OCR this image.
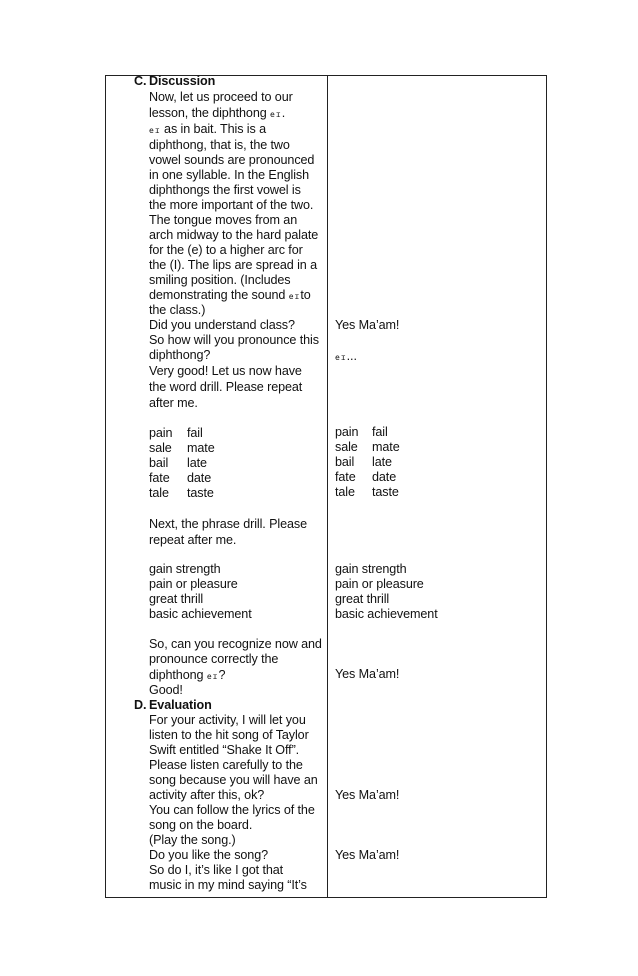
C. Discussion
Now, let us proceed to our
lesson, the diphthong eɪ.
eɪ as in bait. This is a
diphthong, that is, the two
vowel sounds are pronounced
in one syllable. In the English
diphthongs the first vowel is
the more important of the two.
The tongue moves from an
arch midway to the hard palate
for the (e) to a higher arc for
the (I). The lips are spread in a
smiling position. (Includes
demonstrating the sound eɪto
the class.)
Did you understand class?
So how will you pronounce this
diphthong?
Very good! Let us now have
the word drill. Please repeat
after me.
pain fail
sale mate
bail late
fate date
tale taste
Next, the phrase drill. Please
repeat after me.
gain strength
pain or pleasure
great thrill
basic achievement
So, can you recognize now and
pronounce correctly the
diphthong eɪ?
Good!
D. Evaluation
For your activity, I will let you
listen to the hit song of Taylor
Swift entitled “Shake It Off”.
Please listen carefully to the
song because you will have an
activity after this, ok?
You can follow the lyrics of the
song on the board.
(Play the song.)
Do you like the song?
So do I, it’s like I got that
music in my mind saying “It’s
Yes Ma’am!
eɪ...
pain fail
sale mate
bail late
fate date
tale taste
gain strength
pain or pleasure
great thrill
basic achievement
Yes Ma’am!
Yes Ma’am!
Yes Ma’am!
